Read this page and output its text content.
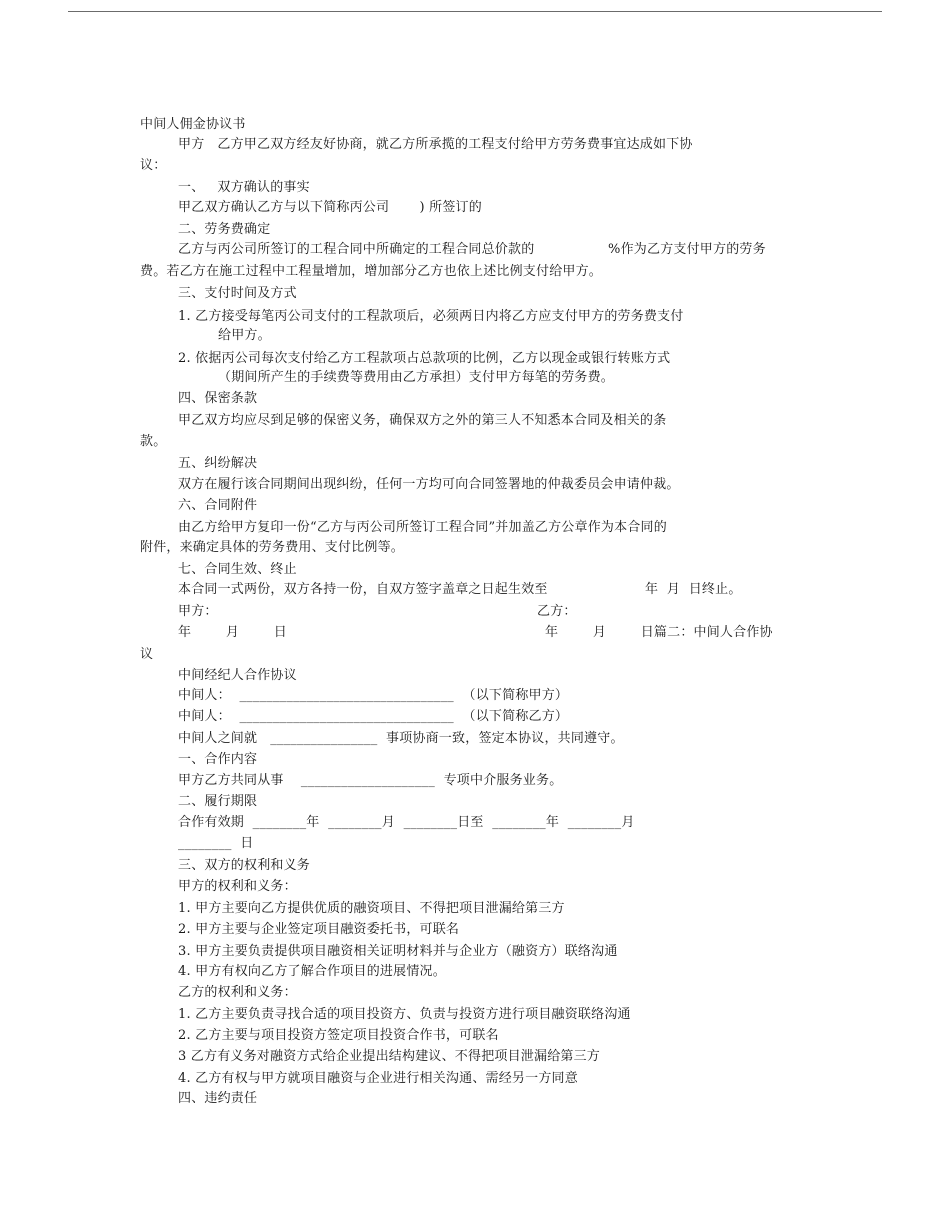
中间人佣金协议书
甲方   乙方甲乙双方经友好协商，就乙方所承揽的工程支付给甲方劳务费事宜达成如下协
议：
一、   双方确认的事实
甲乙双方确认乙方与以下简称丙公司       ) 所签订的
二、劳务费确定
乙方与丙公司所签订的工程合同中所确定的工程合同总价款的                 %作为乙方支付甲方的劳务
费。若乙方在施工过程中工程量增加，增加部分乙方也依上述比例支付给甲方。
三、支付时间及方式
1. 乙方接受每笔丙公司支付的工程款项后，必须两日内将乙方应支付甲方的劳务费支付
给甲方。
2. 依据丙公司每次支付给乙方工程款项占总款项的比例，乙方以现金或银行转账方式
（期间所产生的手续费等费用由乙方承担）支付甲方每笔的劳务费。
四、保密条款
甲乙双方均应尽到足够的保密义务，确保双方之外的第三人不知悉本合同及相关的条
款。
五、纠纷解决
双方在履行该合同期间出现纠纷，任何一方均可向合同签署地的仲裁委员会申请仲裁。
六、合同附件
由乙方给甲方复印一份“乙方与丙公司所签订工程合同”并加盖乙方公章作为本合同的
附件，来确定具体的劳务费用、支付比例等。
七、合同生效、终止
本合同一式两份，双方各持一份，自双方签字盖章之日起生效至	年  月  日终止。
甲方：	乙方：
年        月        日	年        月        日篇二：中间人合作协
议
中间经纪人合作协议
中间人：  ________________________________  （以下简称甲方）
中间人：  ________________________________  （以下简称乙方）
中间人之间就   ________________  事项协商一致，签定本协议，共同遵守。
一、合作内容
甲方乙方共同从事    ____________________  专项中介服务业务。
二、履行期限
合作有效期  ________年  ________月  ________日至  ________年  ________月
________  日
三、双方的权利和义务
甲方的权利和义务：
1. 甲方主要向乙方提供优质的融资项目、不得把项目泄漏给第三方
2. 甲方主要与企业签定项目融资委托书，可联名
3. 甲方主要负责提供项目融资相关证明材料并与企业方（融资方）联络沟通
4. 甲方有权向乙方了解合作项目的进展情况。
乙方的权利和义务：
1. 乙方主要负责寻找合适的项目投资方、负责与投资方进行项目融资联络沟通
2. 乙方主要与项目投资方签定项目投资合作书，可联名
3 乙方有义务对融资方式给企业提出结构建议、不得把项目泄漏给第三方
4. 乙方有权与甲方就项目融资与企业进行相关沟通、需经另一方同意
四、违约责任
